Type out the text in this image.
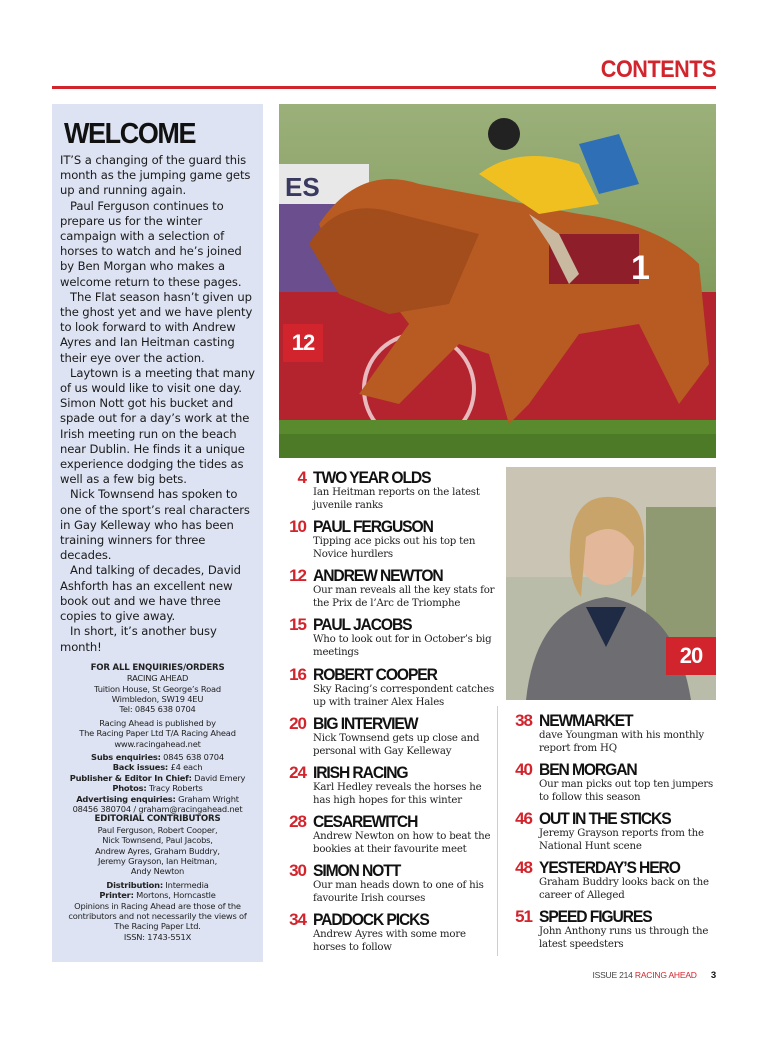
CONTENTS
WELCOME

IT’S a changing of the guard this month as the jumping game gets up and running again.

Paul Ferguson continues to prepare us for the winter campaign with a selection of horses to watch and he’s joined by Ben Morgan who makes a welcome return to these pages.

The Flat season hasn’t given up the ghost yet and we have plenty to look forward to with Andrew Ayres and Ian Heitman casting their eye over the action.

Laytown is a meeting that many of us would like to visit one day. Simon Nott got his bucket and spade out for a day’s work at the Irish meeting run on the beach near Dublin. He finds it a unique experience dodging the tides as well as a few big bets.

Nick Townsend has spoken to one of the sport’s real characters in Gay Kelleway who has been training winners for three decades.

And talking of decades, David Ashforth has an excellent new book out and we have three copies to give away.

In short, it’s another busy month!

FOR ALL ENQUIRIES/ORDERS
RACING AHEAD
Tuition House, St George’s Road
Wimbledon, SW19 4EU
Tel: 0845 638 0704
Racing Ahead is published by
The Racing Paper Ltd T/A Racing Ahead
www.racingahead.net
Subs enquiries: 0845 638 0704
Back issues: £4 each
Publisher & Editor In Chief: David Emery
Photos: Tracy Roberts
Advertising enquiries: Graham Wright
08456 380704 / graham@racingahead.net
EDITORIAL CONTRIBUTORS
Paul Ferguson, Robert Cooper,
Nick Townsend, Paul Jacobs,
Andrew Ayres, Graham Buddry,
Jeremy Grayson, Ian Heitman,
Andy Newton
Distribution: Intermedia
Printer: Mortons, Horncastle
Opinions in Racing Ahead are those of the
contributors and not necessarily the views of
The Racing Paper Ltd.
ISSN: 1743-551X
ES
1
12
20
4 TWO YEAR OLDS
Ian Heitman reports on the latest juvenile ranks
10 PAUL FERGUSON
Tipping ace picks out his top ten Novice hurdlers
12 ANDREW NEWTON
Our man reveals all the key stats for the Prix de l’Arc de Triomphe
15 PAUL JACOBS
Who to look out for in October’s big meetings
16 ROBERT COOPER
Sky Racing’s correspondent catches up with trainer Alex Hales
20 BIG INTERVIEW
Nick Townsend gets up close and personal with Gay Kelleway
24 IRISH RACING
Karl Hedley reveals the horses he has high hopes for this winter
28 CESAREWITCH
Andrew Newton on how to beat the bookies at their favourite meet
30 SIMON NOTT
Our man heads down to one of his favourite Irish courses
34 PADDOCK PICKS
Andrew Ayres with some more horses to follow
38 NEWMARKET
dave Youngman with his monthly report from HQ
40 BEN MORGAN
Our man picks out top ten jumpers to follow this season
46 OUT IN THE STICKS
Jeremy Grayson reports from the National Hunt scene
48 YESTERDAY’S HERO
Graham Buddry looks back on the career of Alleged
51 SPEED FIGURES
John Anthony runs us through the latest speedsters
ISSUE 214 RACING AHEAD 3
